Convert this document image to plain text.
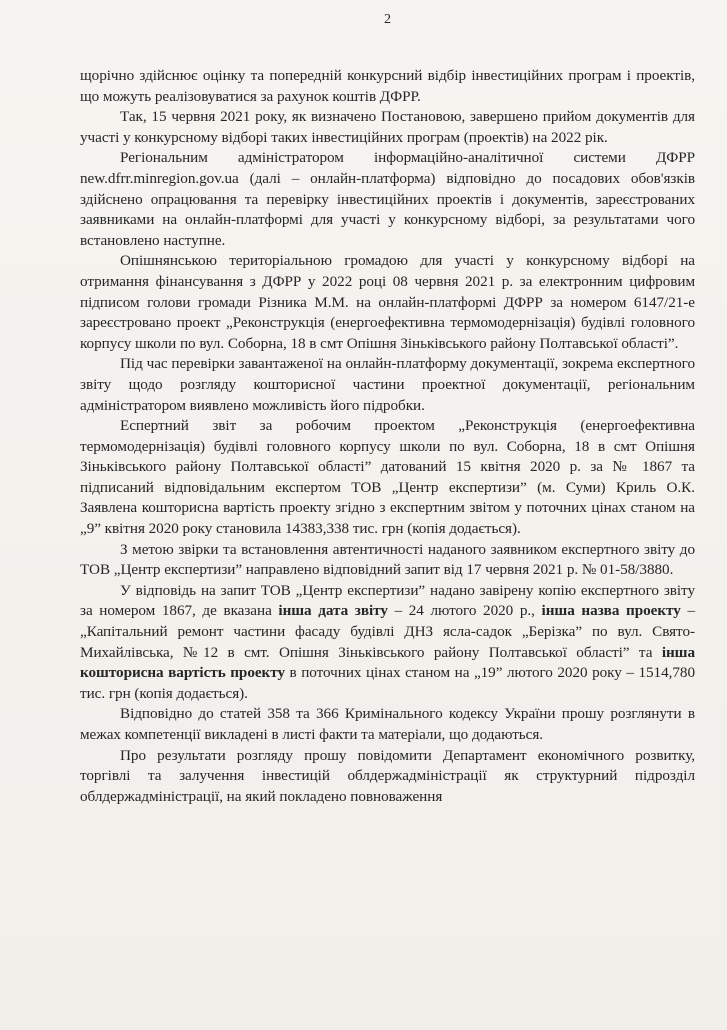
2

щорічно здійснює оцінку та попередній конкурсний відбір інвестиційних програм і проектів, що можуть реалізовуватися за рахунок коштів ДФРР.

Так, 15 червня 2021 року, як визначено Постановою, завершено прийом документів для участі у конкурсному відборі таких інвестиційних програм (проектів) на 2022 рік.

Регіональним адміністратором інформаційно-аналітичної системи ДФРР new.dfrr.minregion.gov.ua (далі – онлайн-платформа) відповідно до посадових обов'язків здійснено опрацювання та перевірку інвестиційних проектів і документів, зареєстрованих заявниками на онлайн-платформі для участі у конкурсному відборі, за результатами чого встановлено наступне.

Опішнянською територіальною громадою для участі у конкурсному відборі на отримання фінансування з ДФРР у 2022 році 08 червня 2021 р. за електронним цифровим підписом голови громади Різника М.М. на онлайн-платформі ДФРР за номером 6147/21-е зареєстровано проект „Реконструкція (енергоефективна термомодернізація) будівлі головного корпусу школи по вул. Соборна, 18 в смт Опішня Зіньківського району Полтавської області”.

Під час перевірки завантаженої на онлайн-платформу документації, зокрема експертного звіту щодо розгляду кошторисної частини проектної документації, регіональним адміністратором виявлено можливість його підробки.

Еспертний звіт за робочим проектом „Реконструкція (енергоефективна термомодернізація) будівлі головного корпусу школи по вул. Соборна, 18 в смт Опішня Зіньківського району Полтавської області” датований 15 квітня 2020 р. за № 1867 та підписаний відповідальним експертом ТОВ „Центр експертизи” (м. Суми) Криль О.К. Заявлена кошторисна вартість проекту згідно з експертним звітом у поточних цінах станом на „9” квітня 2020 року становила 14383,338 тис. грн (копія додається).

З метою звірки та встановлення автентичності наданого заявником експертного звіту до ТОВ „Центр експертизи” направлено відповідний запит від 17 червня 2021 р. № 01-58/3880.

У відповідь на запит ТОВ „Центр експертизи” надано завірену копію експертного звіту за номером 1867, де вказана інша дата звіту – 24 лютого 2020 р., інша назва проекту – „Капітальний ремонт частини фасаду будівлі ДНЗ ясла-садок „Берізка” по вул. Свято-Михайлівська, №12 в смт. Опішня Зіньківського району Полтавської області” та інша кошторисна вартість проекту в поточних цінах станом на „19” лютого 2020 року – 1514,780 тис. грн (копія додається).

Відповідно до статей 358 та 366 Кримінального кодексу України прошу розглянути в межах компетенції викладені в листі факти та матеріали, що додаються.

Про результати розгляду прошу повідомити Департамент економічного розвитку, торгівлі та залучення інвестицій облдержадміністрації як структурний підрозділ облдержадміністрації, на який покладено повноваження
